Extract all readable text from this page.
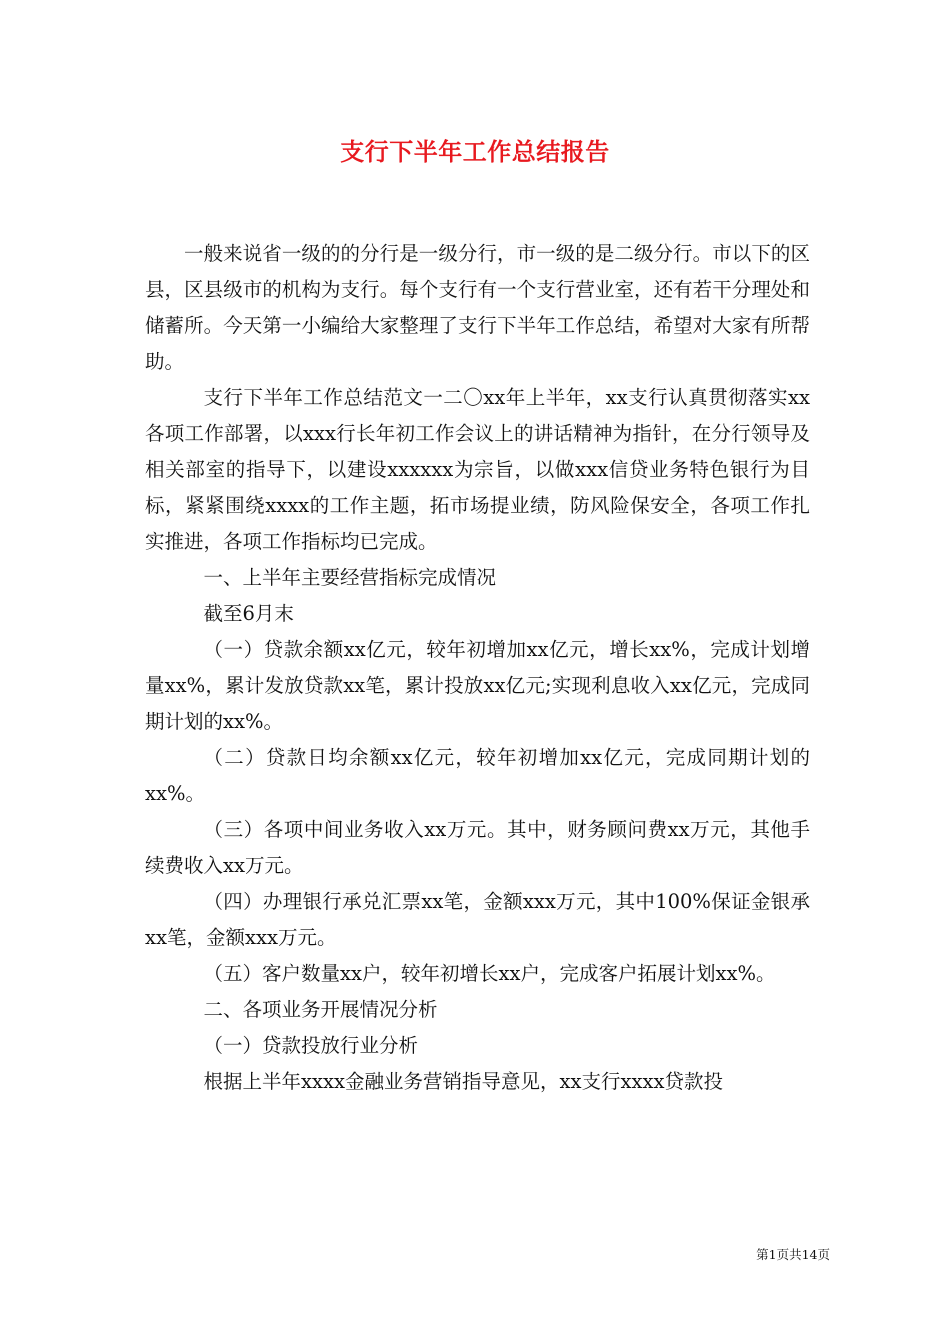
支行下半年工作总结报告

一般来说省一级的的分行是一级分行，市一级的是二级分行。市以下的区县，区县级市的机构为支行。每个支行有一个支行营业室，还有若干分理处和储蓄所。今天第一小编给大家整理了支行下半年工作总结，希望对大家有所帮助。

支行下半年工作总结范文一二〇xx年上半年，xx支行认真贯彻落实xx各项工作部署，以xxx行长年初工作会议上的讲话精神为指针，在分行领导及相关部室的指导下，以建设xxxxxx为宗旨，以做xxx信贷业务特色银行为目标，紧紧围绕xxxx的工作主题，拓市场提业绩，防风险保安全，各项工作扎实推进，各项工作指标均已完成。

一、上半年主要经营指标完成情况

截至6月末

（一）贷款余额xx亿元，较年初增加xx亿元，增长xx%，完成计划增量xx%，累计发放贷款xx笔，累计投放xx亿元;实现利息收入xx亿元，完成同期计划的xx%。

（二）贷款日均余额xx亿元，较年初增加xx亿元，完成同期计划的xx%。

（三）各项中间业务收入xx万元。其中，财务顾问费xx万元，其他手续费收入xx万元。

（四）办理银行承兑汇票xx笔，金额xxx万元，其中100%保证金银承xx笔，金额xxx万元。

（五）客户数量xx户，较年初增长xx户，完成客户拓展计划xx%。

二、各项业务开展情况分析

（一）贷款投放行业分析

根据上半年xxxx金融业务营销指导意见，xx支行xxxx贷款投

第1页共14页
